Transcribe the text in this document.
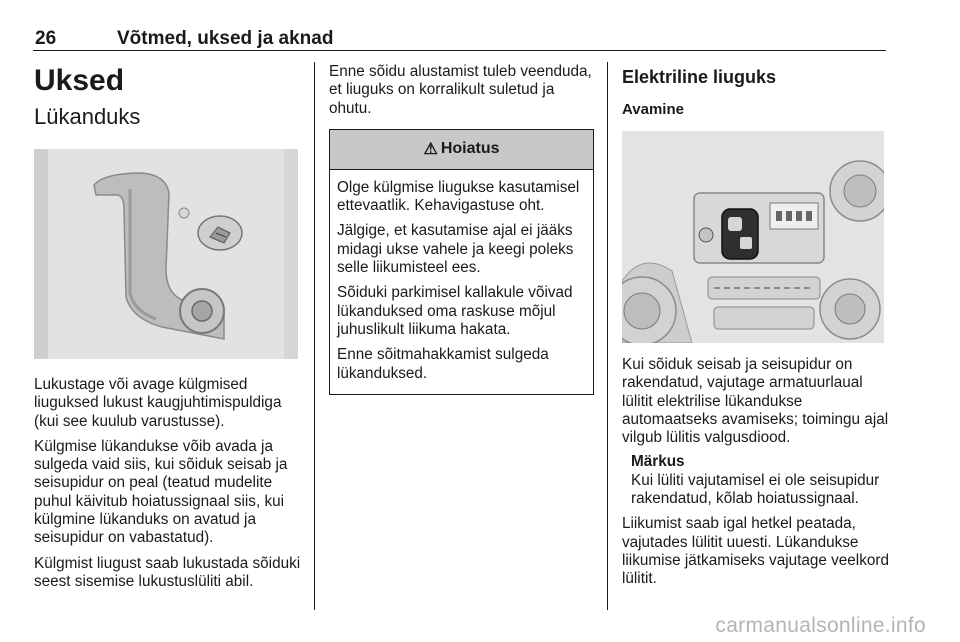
26	Võtmed, uksed ja aknad
Uksed
Lükanduks

Lukustage või avage külgmised liuguksed lukust kaugjuhtimispuldiga (kui see kuulub varustusse).

Külgmise lükandukse võib avada ja sulgeda vaid siis, kui sõiduk seisab ja seisupidur on peal (teatud mudelite puhul käivitub hoiatussignaal siis, kui külgmine lükanduks on avatud ja seisupidur on vabastatud).

Külgmist liugust saab lukustada sõiduki seest sisemise lukustuslüliti abil.

Enne sõidu alustamist tuleb veenduda, et liuguks on korralikult suletud ja ohutu.

⚠ Hoiatus

Olge külgmise liugukse kasutamisel ettevaatlik. Kehavigastuse oht.

Jälgige, et kasutamise ajal ei jääks midagi ukse vahele ja keegi poleks selle liikumisteel ees.

Sõiduki parkimisel kallakule võivad lükanduksed oma raskuse mõjul juhuslikult liikuma hakata.

Enne sõitmahakkamist sulgeda lükanduksed.

Elektriline liuguks
Avamine

Kui sõiduk seisab ja seisupidur on rakendatud, vajutage armatuurlaual lülitit elektrilise lükandukse automaatseks avamiseks; toimingu ajal vilgub lülitis valgusdiood.

Märkus

Kui lüliti vajutamisel ei ole seisupidur rakendatud, kõlab hoiatussignaal.

Liikumist saab igal hetkel peatada, vajutades lülitit uuesti. Lükandukse liikumise jätkamiseks vajutage veelkord lülitit.

carmanualsonline.info
